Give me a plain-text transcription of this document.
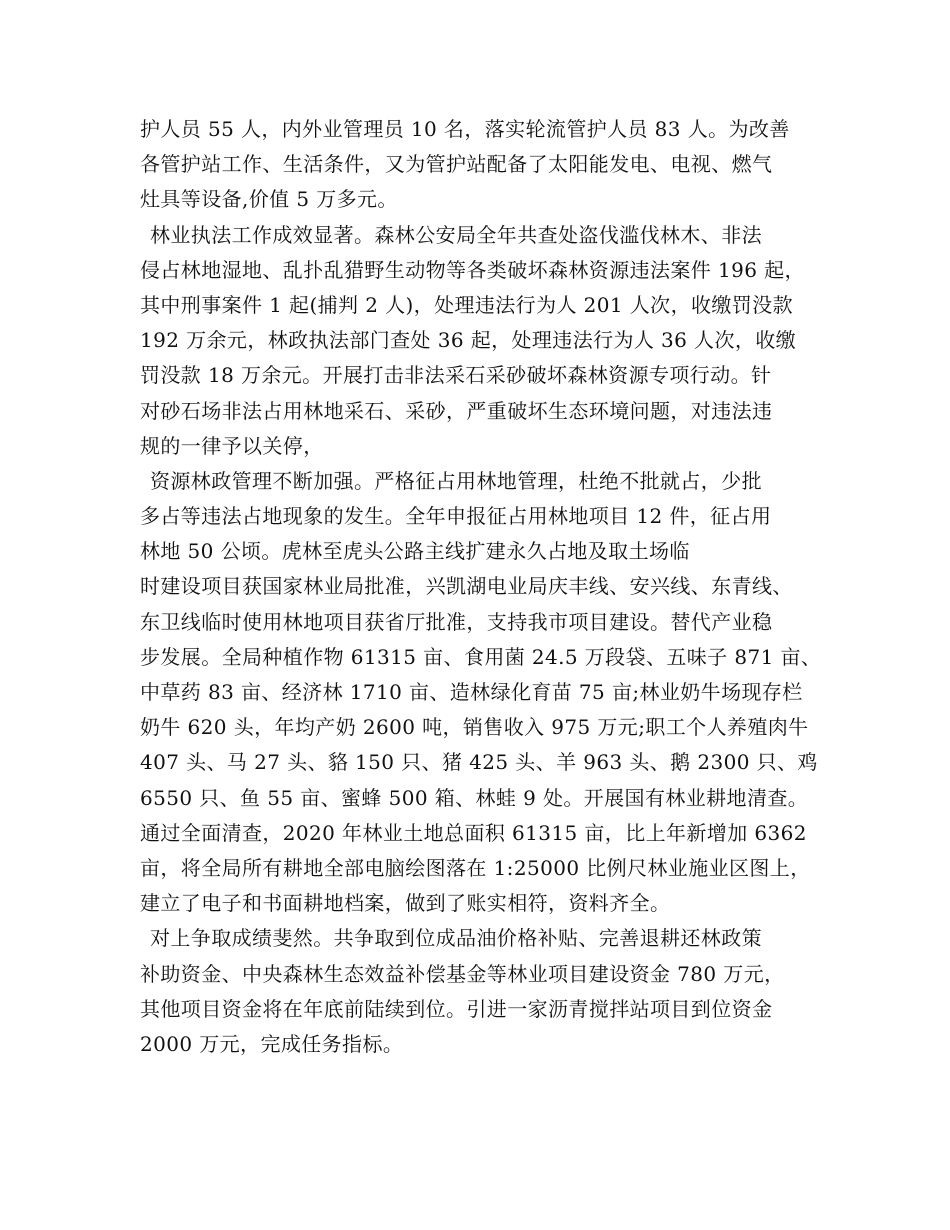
护人员 55 人，内外业管理员 10 名，落实轮流管护人员 83 人。为改善
各管护站工作、生活条件，又为管护站配备了太阳能发电、电视、燃气
灶具等设备,价值 5 万多元。
林业执法工作成效显著。森林公安局全年共查处盗伐滥伐林木、非法
侵占林地湿地、乱扑乱猎野生动物等各类破坏森林资源违法案件 196 起，
其中刑事案件 1 起(捕判 2 人)，处理违法行为人 201 人次，收缴罚没款
192 万余元，林政执法部门查处 36 起，处理违法行为人 36 人次，收缴
罚没款 18 万余元。开展打击非法采石采砂破坏森林资源专项行动。针
对砂石场非法占用林地采石、采砂，严重破坏生态环境问题，对违法违
规的一律予以关停，
资源林政管理不断加强。严格征占用林地管理，杜绝不批就占，少批
多占等违法占地现象的发生。全年申报征占用林地项目 12 件，征占用
林地 50 公顷。虎林至虎头公路主线扩建永久占地及取土场临
时建设项目获国家林业局批准，兴凯湖电业局庆丰线、安兴线、东青线、
东卫线临时使用林地项目获省厅批准，支持我市项目建设。替代产业稳
步发展。全局种植作物 61315 亩、食用菌 24.5 万段袋、五味子 871 亩、
中草药 83 亩、经济林 1710 亩、造林绿化育苗 75 亩;林业奶牛场现存栏
奶牛 620 头，年均产奶 2600 吨，销售收入 975 万元;职工个人养殖肉牛
407 头、马 27 头、貉 150 只、猪 425 头、羊 963 头、鹅 2300 只、鸡
6550 只、鱼 55 亩、蜜蜂 500 箱、林蛙 9 处。开展国有林业耕地清查。
通过全面清查，2020 年林业土地总面积 61315 亩，比上年新增加 6362
亩，将全局所有耕地全部电脑绘图落在 1:25000 比例尺林业施业区图上，
建立了电子和书面耕地档案，做到了账实相符，资料齐全。
对上争取成绩斐然。共争取到位成品油价格补贴、完善退耕还林政策
补助资金、中央森林生态效益补偿基金等林业项目建设资金 780 万元，
其他项目资金将在年底前陆续到位。引进一家沥青搅拌站项目到位资金
2000 万元，完成任务指标。
